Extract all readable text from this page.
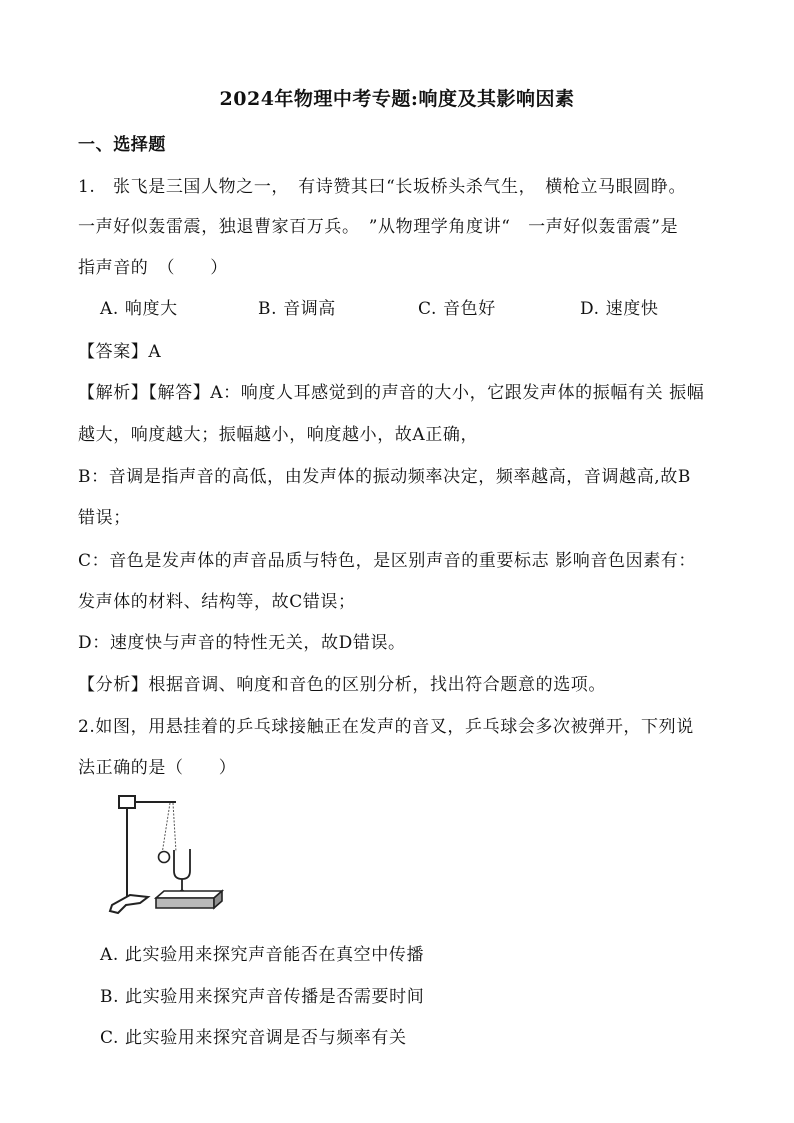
2024年物理中考专题:响度及其影响因素
一、选择题
1.　张飞是三国人物之一，　有诗赞其曰“长坂桥头杀气生，　横枪立马眼圆睁。
一声好似轰雷震，独退曹家百万兵。　”从物理学角度讲“　一声好似轰雷震”是
指声音的　（　　）
A. 响度大	B. 音调高	C. 音色好	D. 速度快
【答案】A
【解析】【解答】A：响度人耳感觉到的声音的大小，它跟发声体的振幅有关 振幅
越大，响度越大；振幅越小，响度越小，故A正确，
B：音调是指声音的高低，由发声体的振动频率决定，频率越高，音调越高,故B
错误；
C：音色是发声体的声音品质与特色，是区别声音的重要标志 影响音色因素有：
发声体的材料、结构等，故C错误；
D：速度快与声音的特性无关，故D错误。
【分析】根据音调、响度和音色的区别分析，找出符合题意的选项。
2.如图，用悬挂着的乒乓球接触正在发声的音叉，乒乓球会多次被弹开，下列说
法正确的是（　　）
A. 此实验用来探究声音能否在真空中传播
B. 此实验用来探究声音传播是否需要时间
C. 此实验用来探究音调是否与频率有关
